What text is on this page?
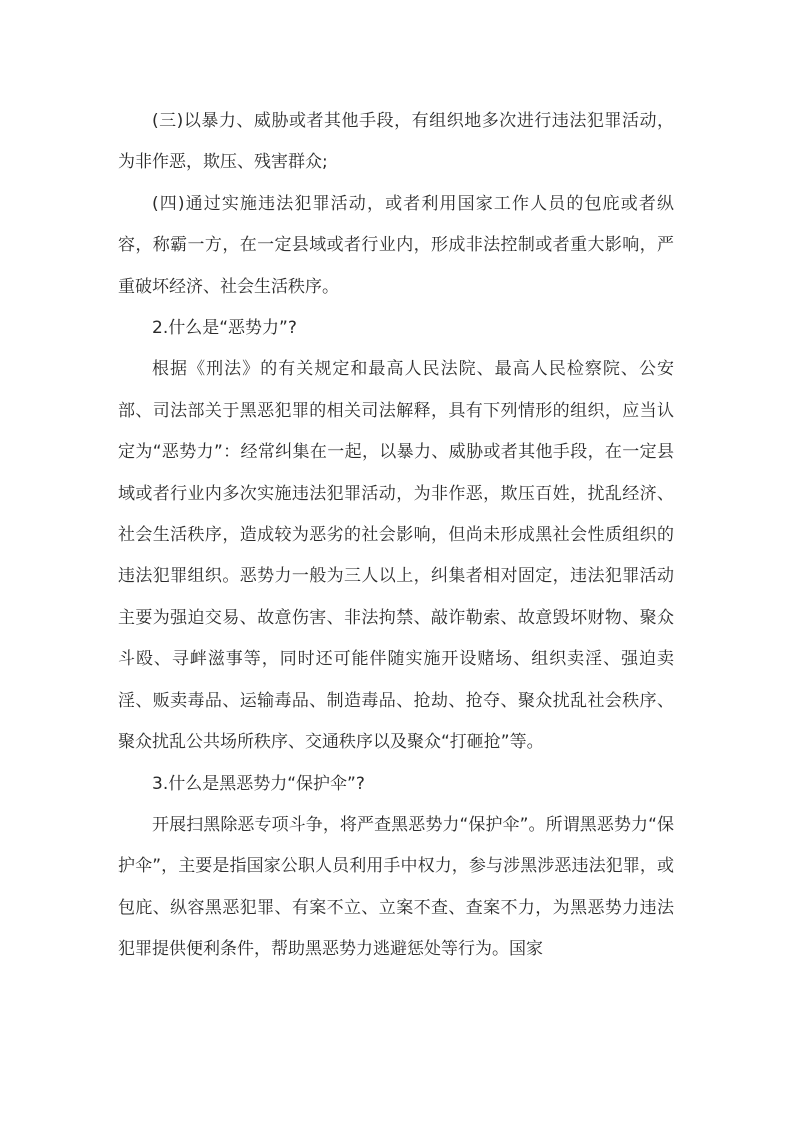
(三)以暴力、威胁或者其他手段，有组织地多次进行违法犯罪活动，为非作恶，欺压、残害群众;

(四)通过实施违法犯罪活动，或者利用国家工作人员的包庇或者纵容，称霸一方，在一定县域或者行业内，形成非法控制或者重大影响，严重破坏经济、社会生活秩序。

2.什么是“恶势力”?

根据《刑法》的有关规定和最高人民法院、最高人民检察院、公安部、司法部关于黑恶犯罪的相关司法解释，具有下列情形的组织，应当认定为“恶势力”：经常纠集在一起，以暴力、威胁或者其他手段，在一定县域或者行业内多次实施违法犯罪活动，为非作恶，欺压百姓，扰乱经济、社会生活秩序，造成较为恶劣的社会影响，但尚未形成黑社会性质组织的违法犯罪组织。恶势力一般为三人以上，纠集者相对固定，违法犯罪活动主要为强迫交易、故意伤害、非法拘禁、敲诈勒索、故意毁坏财物、聚众斗殴、寻衅滋事等，同时还可能伴随实施开设赌场、组织卖淫、强迫卖淫、贩卖毒品、运输毒品、制造毒品、抢劫、抢夺、聚众扰乱社会秩序、聚众扰乱公共场所秩序、交通秩序以及聚众“打砸抢”等。

3.什么是黑恶势力“保护伞”?

开展扫黑除恶专项斗争，将严查黑恶势力“保护伞”。所谓黑恶势力“保护伞”，主要是指国家公职人员利用手中权力，参与涉黑涉恶违法犯罪，或包庇、纵容黑恶犯罪、有案不立、立案不查、查案不力，为黑恶势力违法犯罪提供便利条件，帮助黑恶势力逃避惩处等行为。国家
